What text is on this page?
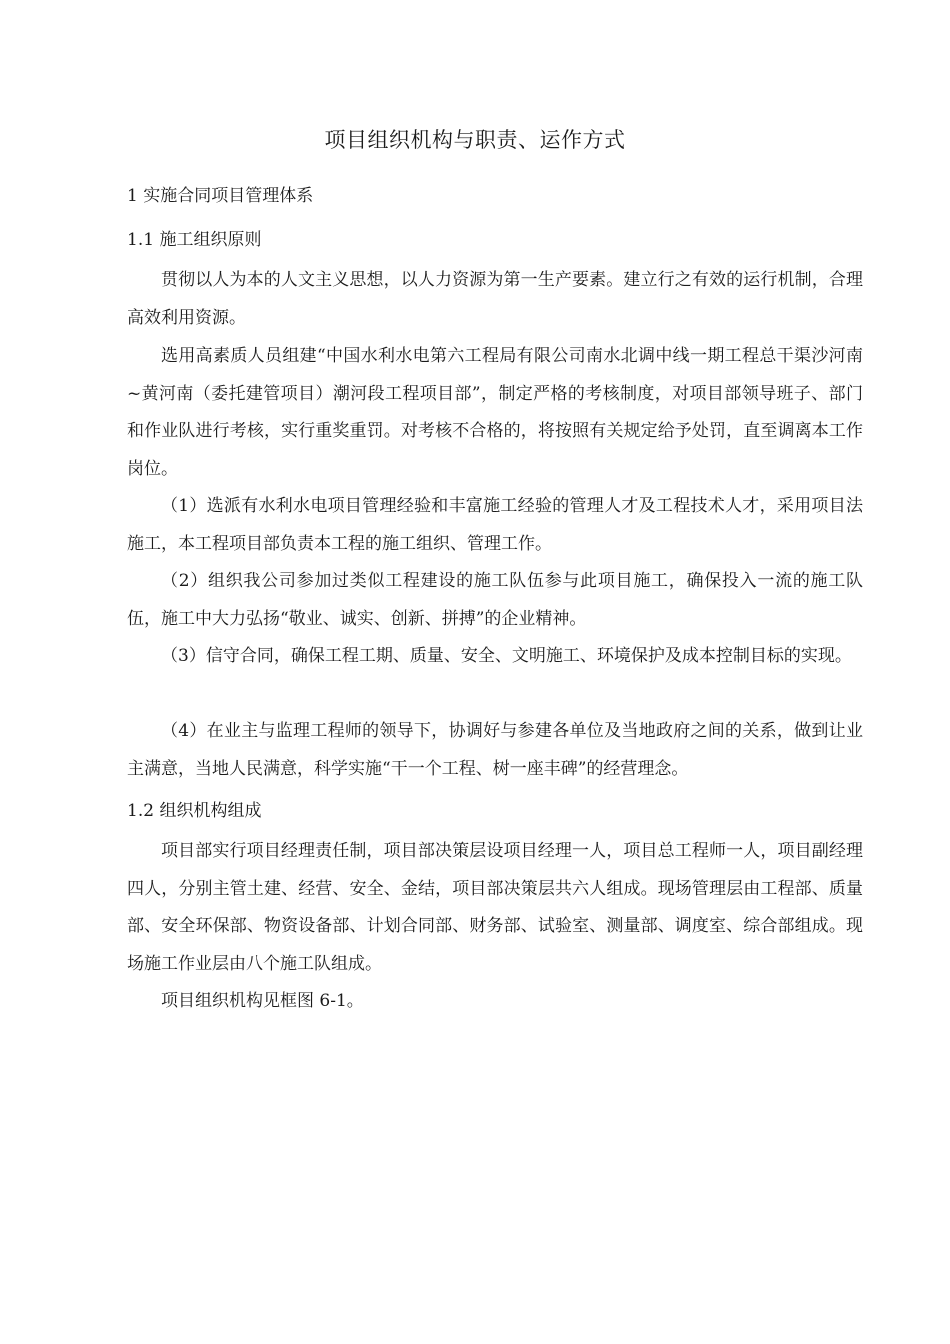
项目组织机构与职责、运作方式
1 实施合同项目管理体系
1.1 施工组织原则
贯彻以人为本的人文主义思想，以人力资源为第一生产要素。建立行之有效的运行机制，合理高效利用资源。
选用高素质人员组建“中国水利水电第六工程局有限公司南水北调中线一期工程总干渠沙河南~黄河南（委托建管项目）潮河段工程项目部”，制定严格的考核制度，对项目部领导班子、部门和作业队进行考核，实行重奖重罚。对考核不合格的，将按照有关规定给予处罚，直至调离本工作岗位。
（1）选派有水利水电项目管理经验和丰富施工经验的管理人才及工程技术人才，采用项目法施工，本工程项目部负责本工程的施工组织、管理工作。
（2）组织我公司参加过类似工程建设的施工队伍参与此项目施工，确保投入一流的施工队伍，施工中大力弘扬“敬业、诚实、创新、拼搏”的企业精神。
（3）信守合同，确保工程工期、质量、安全、文明施工、环境保护及成本控制目标的实现。
（4）在业主与监理工程师的领导下，协调好与参建各单位及当地政府之间的关系，做到让业主满意，当地人民满意，科学实施“干一个工程、树一座丰碑”的经营理念。
1.2 组织机构组成
项目部实行项目经理责任制，项目部决策层设项目经理一人，项目总工程师一人，项目副经理四人，分别主管土建、经营、安全、金结，项目部决策层共六人组成。现场管理层由工程部、质量部、安全环保部、物资设备部、计划合同部、财务部、试验室、测量部、调度室、综合部组成。现场施工作业层由八个施工队组成。
项目组织机构见框图 6-1。
